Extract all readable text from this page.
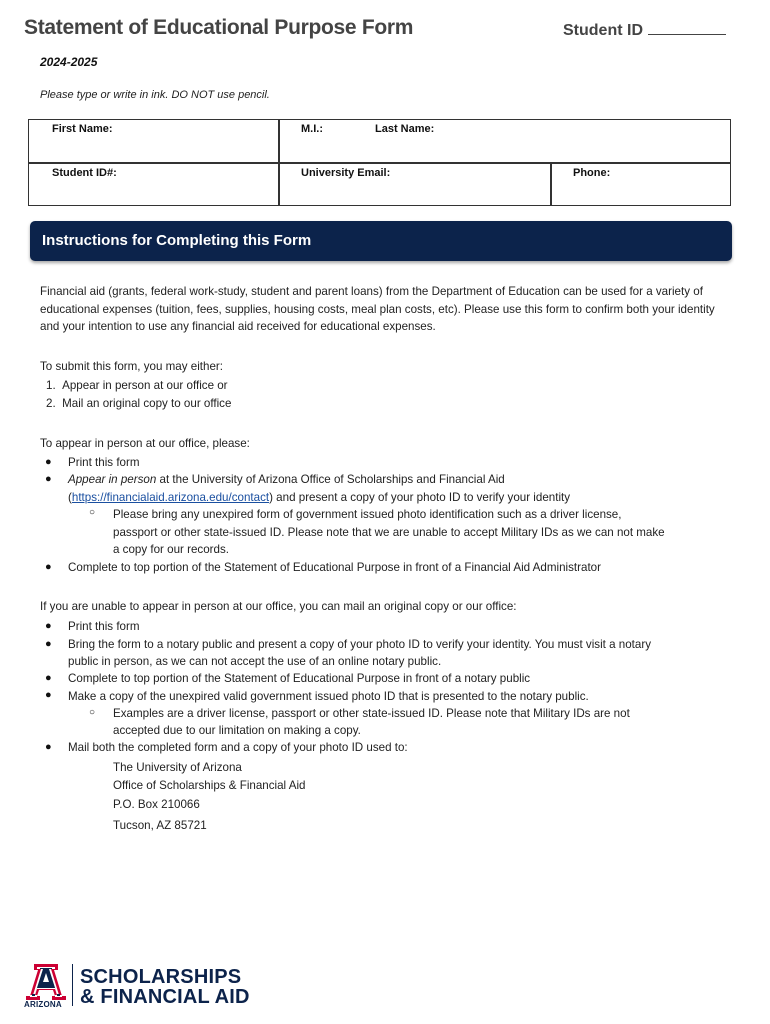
Statement of Educational Purpose Form	Student ID
2024-2025
Please type or write in ink. DO NOT use pencil.
First Name:	M.I.:	Last Name:
Student ID#:	University Email:	Phone:
Instructions for Completing this Form
Financial aid (grants, federal work-study, student and parent loans) from the Department of Education can be used for a variety of educational expenses (tuition, fees, supplies, housing costs, meal plan costs, etc). Please use this form to confirm both your identity and your intention to use any financial aid received for educational expenses.
To submit this form, you may either:
1.  Appear in person at our office or
2.  Mail an original copy to our office
To appear in person at our office, please:
● Print this form
● Appear in person at the University of Arizona Office of Scholarships and Financial Aid
(https://financialaid.arizona.edu/contact) and present a copy of your photo ID to verify your identity
○ Please bring any unexpired form of government issued photo identification such as a driver license,
passport or other state-issued ID. Please note that we are unable to accept Military IDs as we can not make
a copy for our records.
● Complete to top portion of the Statement of Educational Purpose in front of a Financial Aid Administrator
If you are unable to appear in person at our office, you can mail an original copy or our office:
● Print this form
● Bring the form to a notary public and present a copy of your photo ID to verify your identity. You must visit a notary
public in person, as we can not accept the use of an online notary public.
● Complete to top portion of the Statement of Educational Purpose in front of a notary public
● Make a copy of the unexpired valid government issued photo ID that is presented to the notary public.
○ Examples are a driver license, passport or other state-issued ID. Please note that Military IDs are not
accepted due to our limitation on making a copy.
● Mail both the completed form and a copy of your photo ID used to:
The University of Arizona
Office of Scholarships & Financial Aid
P.O. Box 210066
Tucson, AZ 85721
ARIZONA
SCHOLARSHIPS
& FINANCIAL AID
